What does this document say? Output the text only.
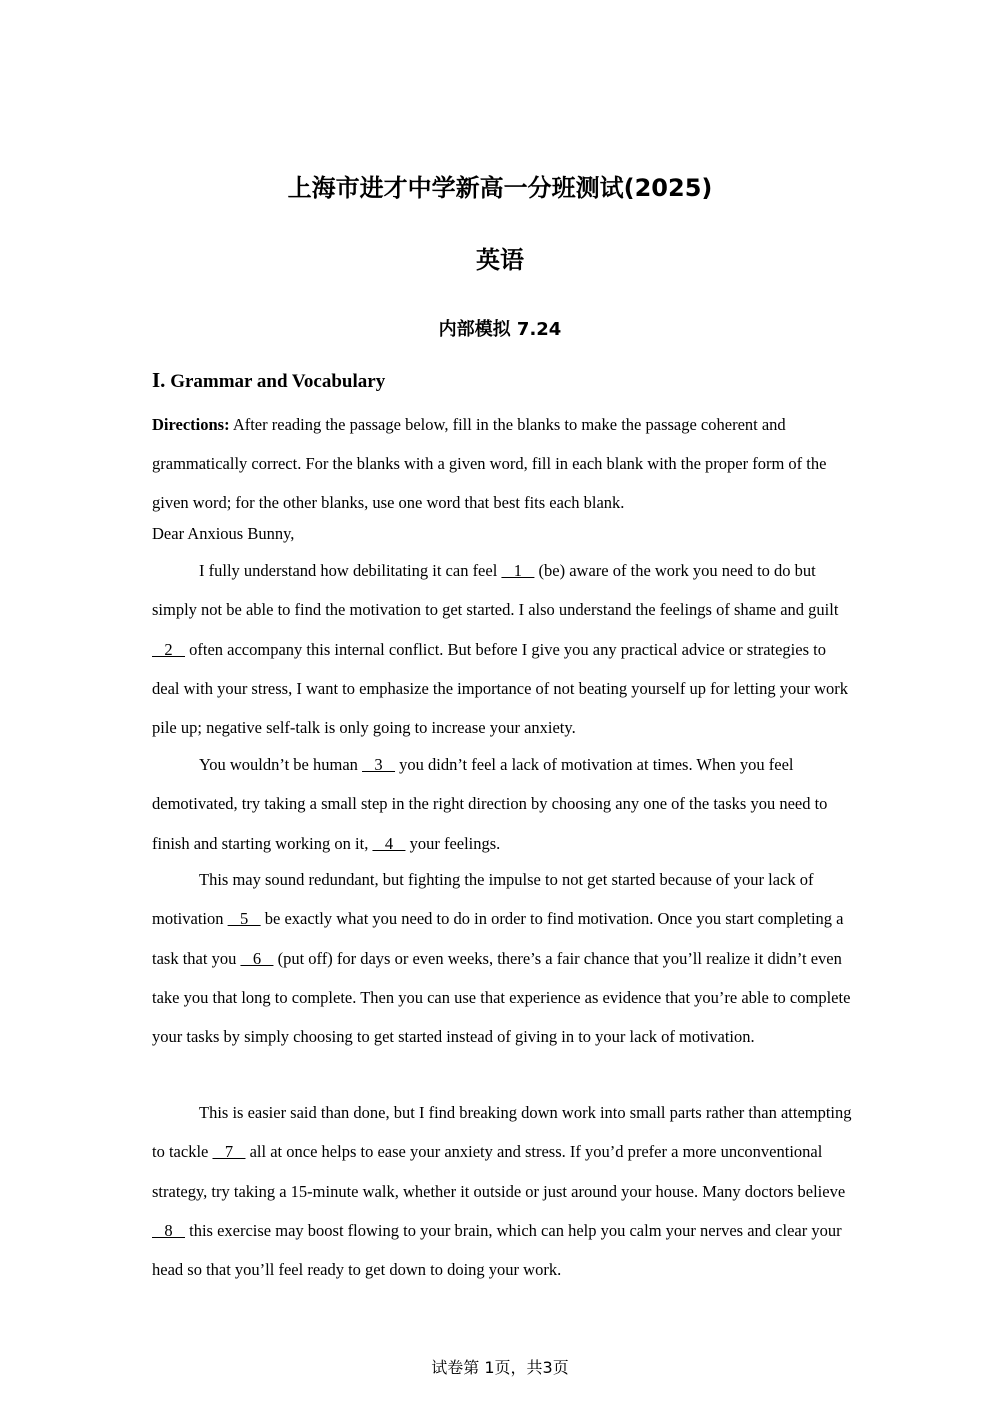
上海市进才中学新高一分班测试(2025)
英语
内部模拟 7.24
I. Grammar and Vocabulary
Directions: After reading the passage below, fill in the blanks to make the passage coherent and grammatically correct. For the blanks with a given word, fill in each blank with the proper form of the given word; for the other blanks, use one word that best fits each blank.
Dear Anxious Bunny,
I fully understand how debilitating it can feel    1    (be) aware of the work you need to do but simply not be able to find the motivation to get started. I also understand the feelings of shame and guilt    2    often accompany this internal conflict. But before I give you any practical advice or strategies to deal with your stress, I want to emphasize the importance of not beating yourself up for letting your work pile up; negative self-talk is only going to increase your anxiety.
You wouldn’t be human    3    you didn’t feel a lack of motivation at times. When you feel demotivated, try taking a small step in the right direction by choosing any one of the tasks you need to finish and starting working on it,    4    your feelings.
This may sound redundant, but fighting the impulse to not get started because of your lack of motivation    5    be exactly what you need to do in order to find motivation. Once you start completing a task that you    6    (put off) for days or even weeks, there’s a fair chance that you’ll realize it didn’t even take you that long to complete. Then you can use that experience as evidence that you’re able to complete your tasks by simply choosing to get started instead of giving in to your lack of motivation.
This is easier said than done, but I find breaking down work into small parts rather than attempting to tackle    7    all at once helps to ease your anxiety and stress. If you’d prefer a more unconventional strategy, try taking a 15-minute walk, whether it outside or just around your house. Many doctors believe    8    this exercise may boost flowing to your brain, which can help you calm your nerves and clear your head so that you’ll feel ready to get down to doing your work.
试卷第 1页，共3页
